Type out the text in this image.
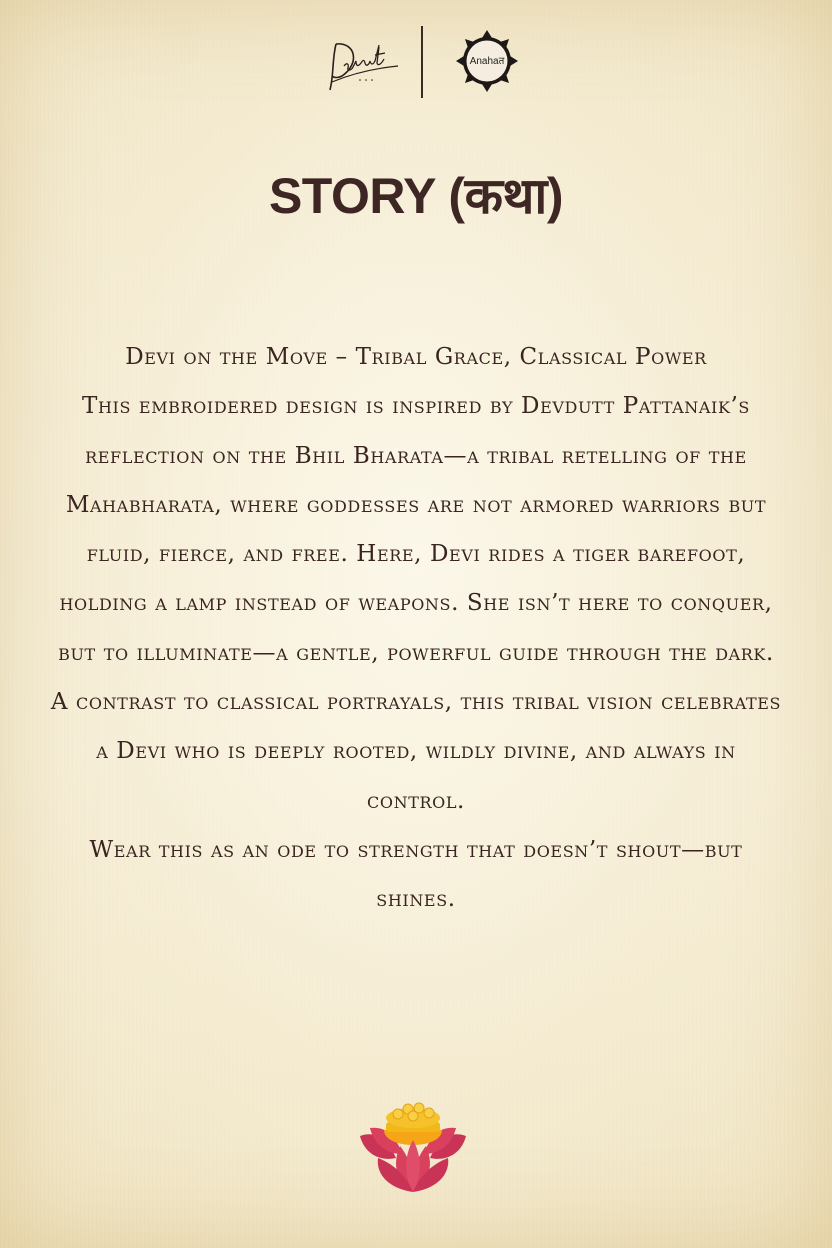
Anahaत
STORY (कथा)

Devi on the Move – Tribal Grace, Classical Power

This embroidered design is inspired by Devdutt Pattanaik’s reflection on the Bhil Bharata—a tribal retelling of the Mahabharata, where goddesses are not armored warriors but fluid, fierce, and free. Here, Devi rides a tiger barefoot, holding a lamp instead of weapons. She isn’t here to conquer, but to illuminate—a gentle, powerful guide through the dark. A contrast to classical portrayals, this tribal vision celebrates a Devi who is deeply rooted, wildly divine, and always in control.

Wear this as an ode to strength that doesn’t shout—but shines.
